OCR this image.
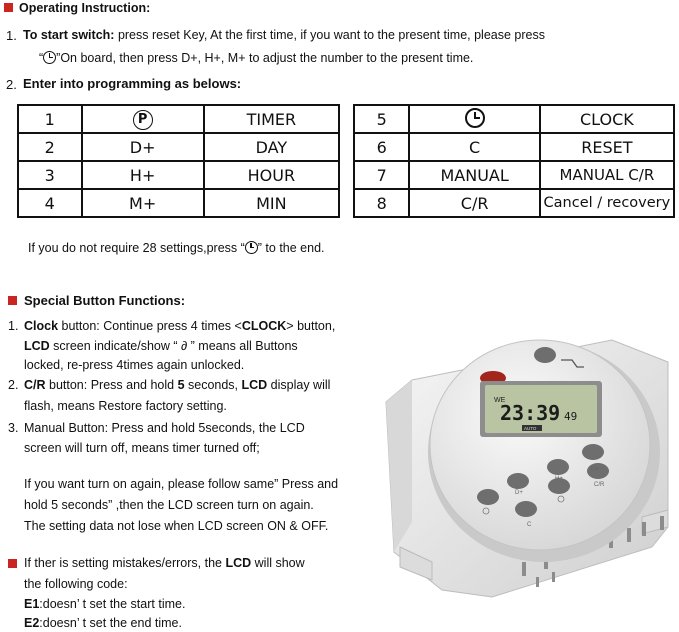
Operating Instruction:
1. To start switch: press reset Key, At the first time, if you want to the present time, please press
“ ”On board, then press D+, H+, M+ to adjust the number to the present time.
2. Enter into programming as belows:
1	P	TIMER
2	D+	DAY
3	H+	HOUR
4	M+	MIN
5		CLOCK
6	C	RESET
7	MANUAL	MANUAL C/R
8	C/R	Cancel / recovery
If you do not require 28 settings,press “ ” to the end.
Special Button Functions:
1. Clock button: Continue press 4 times <CLOCK> button,
LCD screen indicate/show “ ∂ ” means all Buttons
locked, re-press 4times again unlocked.
2. C/R button: Press and hold 5 seconds, LCD display will
flash, means Restore factory setting.
3. Manual Button: Press and hold 5seconds, the LCD
screen will turn off, means timer turned off;
If you want turn on again, please follow same” Press and
hold 5 seconds” ,then the LCD screen turn on again.
The setting data not lose when LCD screen ON & OFF.
If ther is setting mistakes/errors, the LCD will show
the following code:
E1:doesn’ t set the start time.
E2:doesn’ t set the end time.
WE
23:39 49
AUTO
M+
H+
D+
C/R
C
